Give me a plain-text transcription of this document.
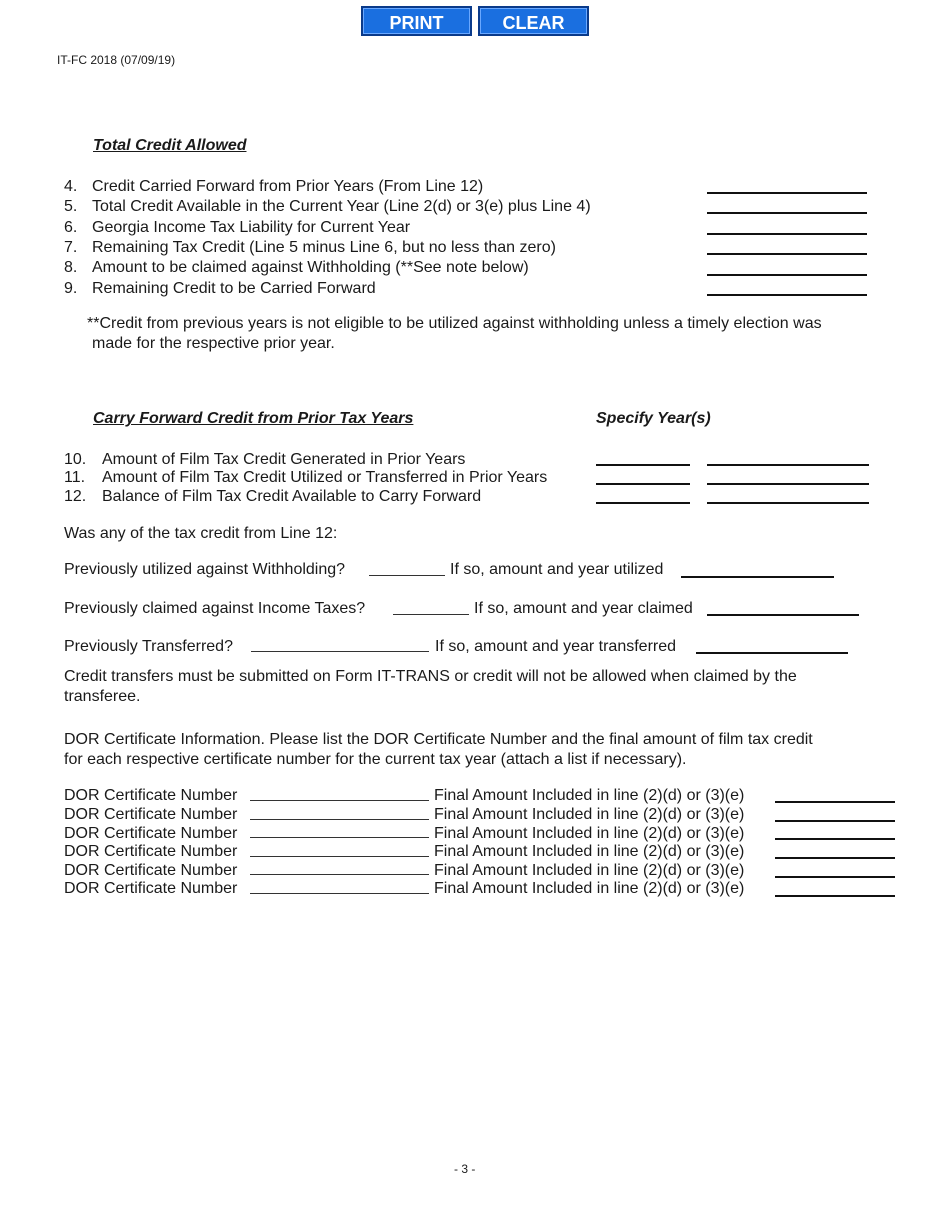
PRINT	CLEAR
IT-FC 2018 (07/09/19)
Total Credit Allowed
4. Credit Carried Forward from Prior Years (From Line 12)
5. Total Credit Available in the Current Year (Line 2(d) or 3(e) plus Line 4)
6. Georgia Income Tax Liability for Current Year
7. Remaining Tax Credit (Line 5 minus Line 6, but no less than zero)
8. Amount to be claimed against Withholding (**See note below)
9. Remaining Credit to be Carried Forward
**Credit from previous years is not eligible to be utilized against withholding unless a timely election was
made for the respective prior year.
Carry Forward Credit from Prior Tax Years	Specify Year(s)
10. Amount of Film Tax Credit Generated in Prior Years
11. Amount of Film Tax Credit Utilized or Transferred in Prior Years
12. Balance of Film Tax Credit Available to Carry Forward
Was any of the tax credit from Line 12:
Previously utilized against Withholding?	If so, amount and year utilized
Previously claimed against Income Taxes?	If so, amount and year claimed
Previously Transferred?	If so, amount and year transferred
Credit transfers must be submitted on Form IT-TRANS or credit will not be allowed when claimed by the
transferee.
DOR Certificate Information. Please list the DOR Certificate Number and the final amount of film tax credit
for each respective certificate number for the current tax year (attach a list if necessary).
DOR Certificate Number	Final Amount Included in line (2)(d) or (3)(e)
DOR Certificate Number	Final Amount Included in line (2)(d) or (3)(e)
DOR Certificate Number	Final Amount Included in line (2)(d) or (3)(e)
DOR Certificate Number	Final Amount Included in line (2)(d) or (3)(e)
DOR Certificate Number	Final Amount Included in line (2)(d) or (3)(e)
DOR Certificate Number	Final Amount Included in line (2)(d) or (3)(e)
- 3 -
